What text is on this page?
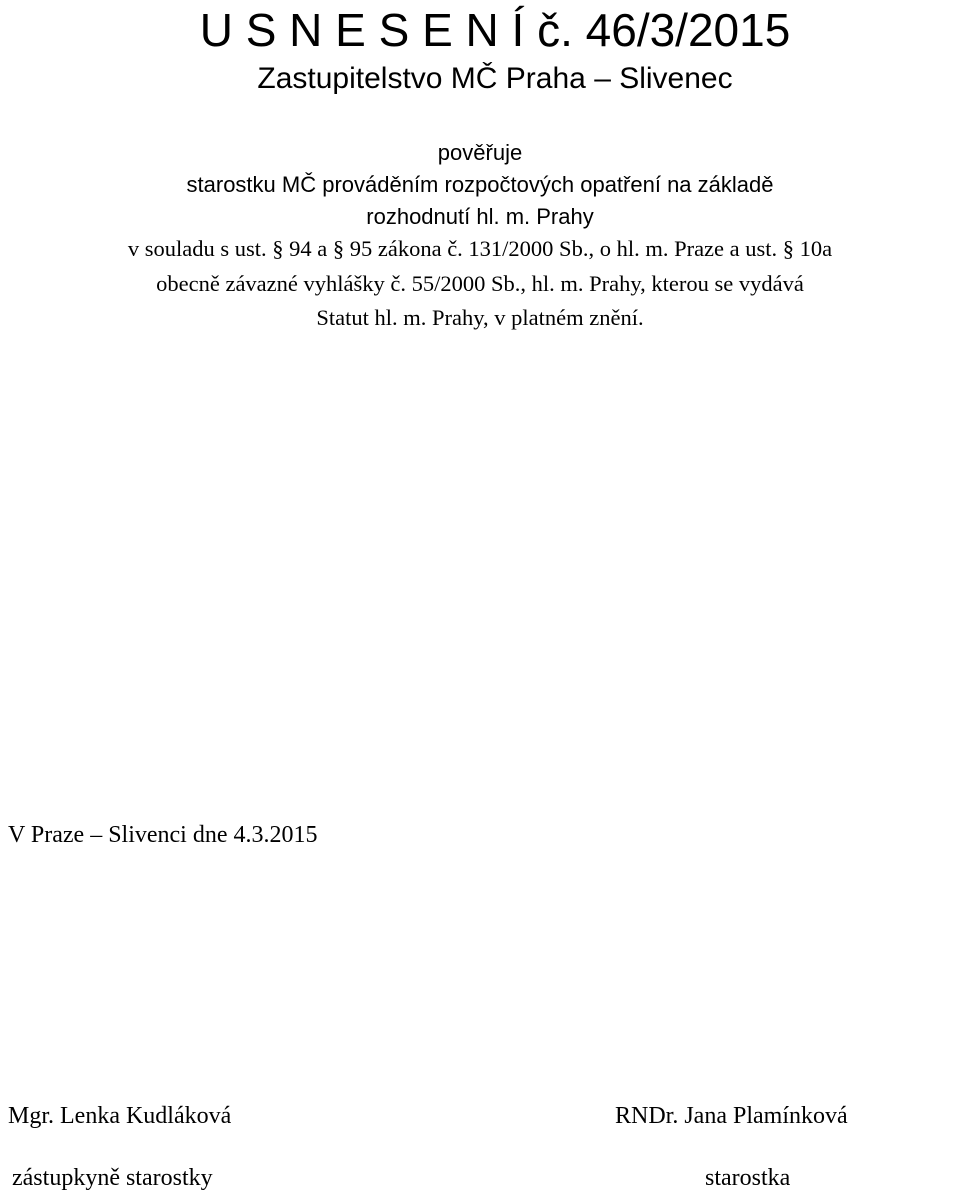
U S N E S E N Í č. 46/3/2015
Zastupitelstvo MČ Praha – Slivenec
pověřuje
starostku MČ prováděním rozpočtových opatření na základě
rozhodnutí hl. m. Prahy
v souladu s ust. § 94 a § 95 zákona č. 131/2000 Sb., o hl. m. Praze a ust. § 10a
obecně závazné vyhlášky č. 55/2000 Sb., hl. m. Prahy, kterou se vydává
Statut hl. m. Prahy, v platném znění.
V Praze – Slivenci dne 4.3.2015
Mgr. Lenka Kudláková	RNDr. Jana Plamínková
zástupkyně starostky	starostka
